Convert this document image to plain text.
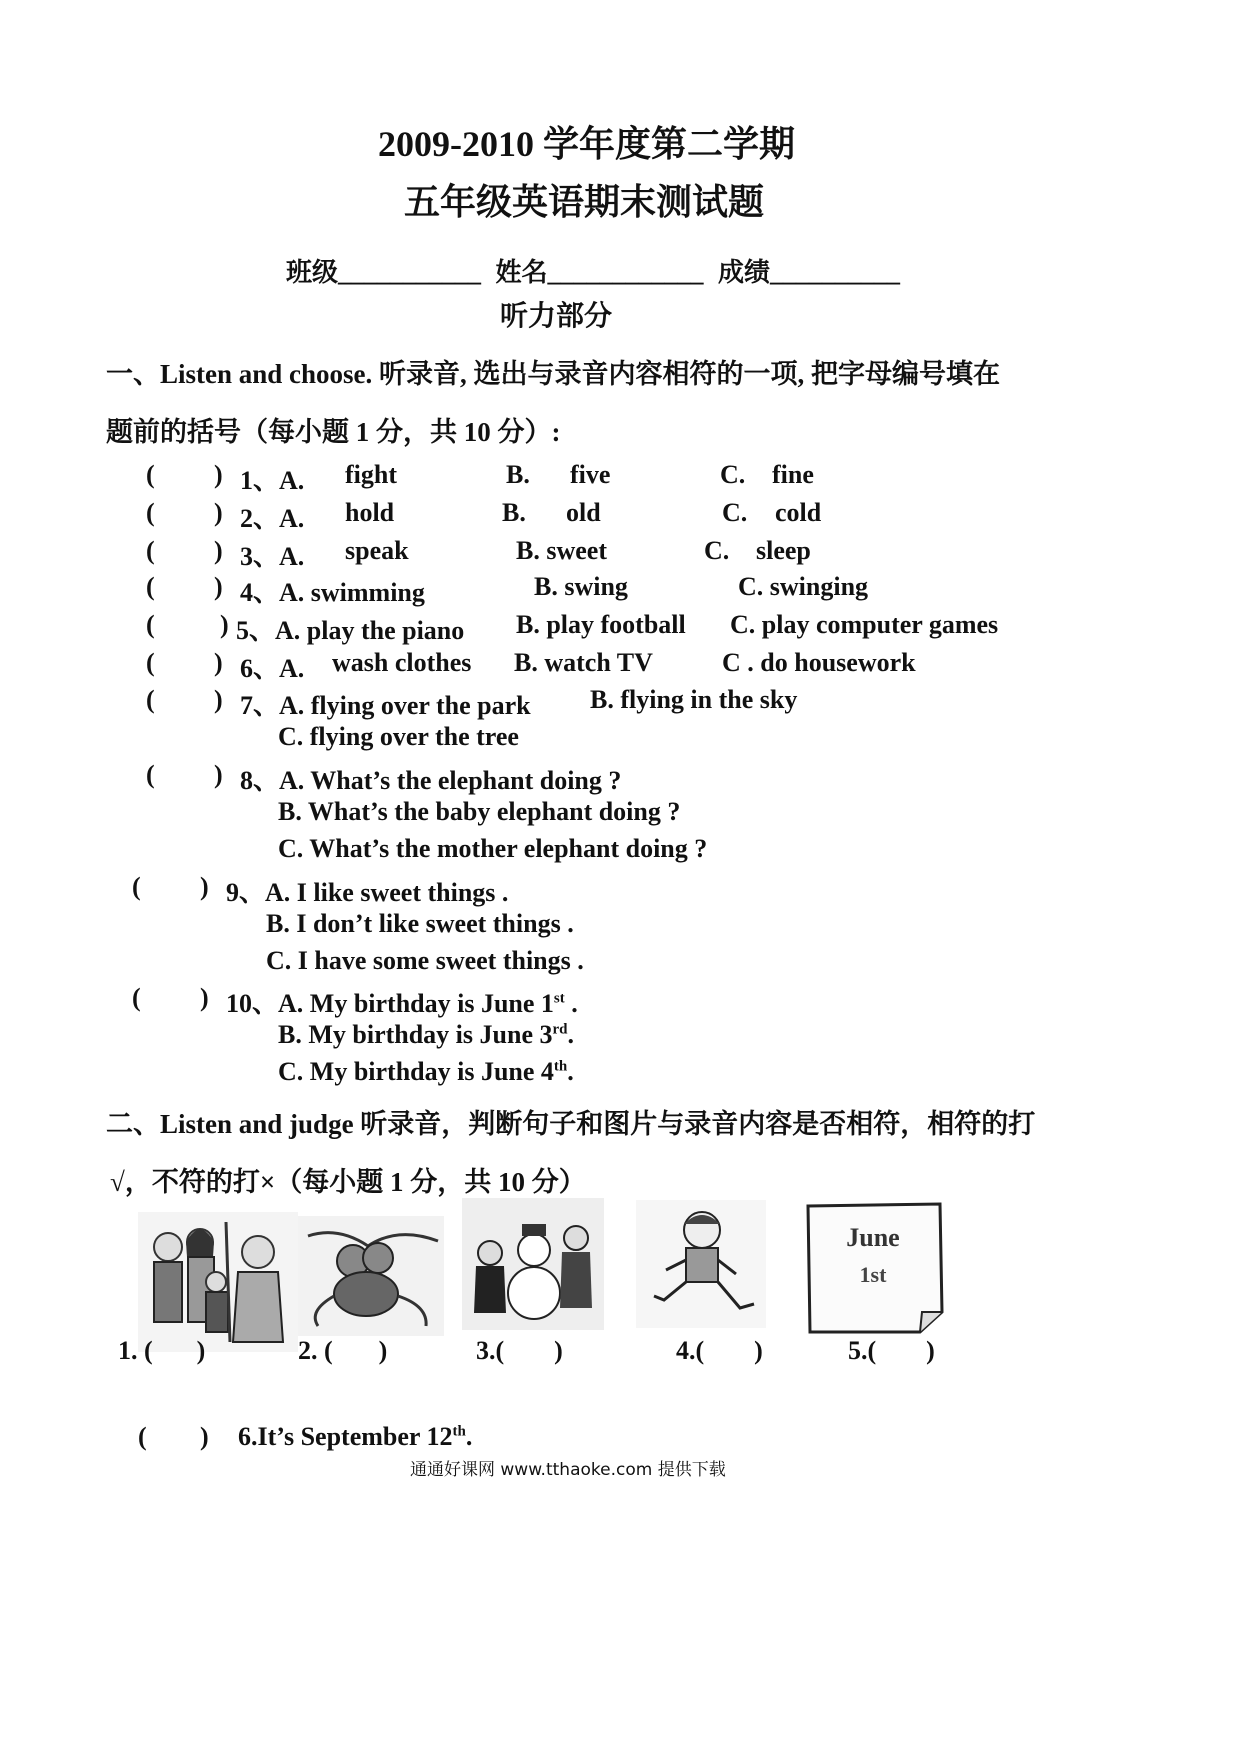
2009-2010 学年度第二学期
五年级英语期末测试题
班级___________ 姓名____________ 成绩__________
听力部分
一、Listen and choose. 听录音, 选出与录音内容相符的一项, 把字母编号填在
题前的括号（每小题 1 分，共 10 分）:
( ) 1、A. fight	B. five	C. fine
( ) 2、A. hold	B. old	C. cold
( ) 3、A. speak	B. sweet	C. sleep
( ) 4、A. swimming	B. swing	C. swinging
(	) 5、A. play the piano B. play football C. play computer games
( ) 6、A. wash clothes B. watch TV	C . do housework
( ) 7、A. flying over the park B. flying in the sky
C. flying over the tree
( ) 8、A. What’s the elephant doing ?
B. What’s the baby elephant doing ?
C. What’s the mother elephant doing ?
( ) 9、A. I like sweet things .
B. I don’t like sweet things .
C. I have some sweet things .
( ) 10、A. My birthday is June 1st .
B. My birthday is June 3rd.
C. My birthday is June 4th.
二、Listen and judge 听录音，判断句子和图片与录音内容是否相符，相符的打
√，不符的打×（每小题 1 分，共 10 分）
June
1st
1. ( )	2. ( )	3.( )	4.( )	5.( )
( ) 6.It’s September 12th.
通通好课网 www.tthaoke.com 提供下载
